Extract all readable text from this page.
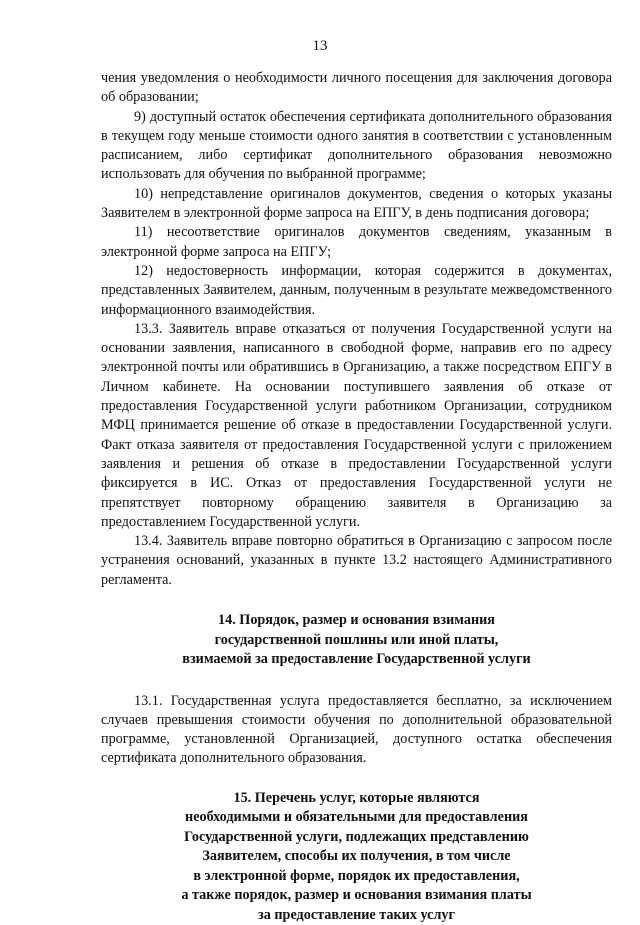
13

чения уведомления о необходимости личного посещения для заключения договора об образовании;

9) доступный остаток обеспечения сертификата дополнительного образования в текущем году меньше стоимости одного занятия в соответствии с установленным расписанием, либо сертификат дополнительного образования невозможно использовать для обучения по выбранной программе;

10) непредставление оригиналов документов, сведения о которых указаны Заявителем в электронной форме запроса на ЕПГУ, в день подписания договора;

11) несоответствие оригиналов документов сведениям, указанным в электронной форме запроса на ЕПГУ;

12) недостоверность информации, которая содержится в документах, представленных Заявителем, данным, полученным в результате межведомственного информационного взаимодействия.

13.3. Заявитель вправе отказаться от получения Государственной услуги на основании заявления, написанного в свободной форме, направив его по адресу электронной почты или обратившись в Организацию, а также посредством ЕПГУ в Личном кабинете. На основании поступившего заявления об отказе от предоставления Государственной услуги работником Организации, сотрудником МФЦ принимается решение об отказе в предоставлении Государственной услуги. Факт отказа заявителя от предоставления Государственной услуги с приложением заявления и решения об отказе в предоставлении Государственной услуги фиксируется в ИС. Отказ от предоставления Государственной услуги не препятствует повторному обращению заявителя в Организацию за предоставлением Государственной услуги.

13.4. Заявитель вправе повторно обратиться в Организацию с запросом после устранения оснований, указанных в пункте 13.2 настоящего Административного регламента.

14. Порядок, размер и основания взимания
государственной пошлины или иной платы,
взимаемой за предоставление Государственной услуги

13.1. Государственная услуга предоставляется бесплатно, за исключением случаев превышения стоимости обучения по дополнительной образовательной программе, установленной Организацией, доступного остатка обеспечения сертификата дополнительного образования.

15. Перечень услуг, которые являются
необходимыми и обязательными для предоставления
Государственной услуги, подлежащих представлению
Заявителем, способы их получения, в том числе
в электронной форме, порядок их предоставления,
а также порядок, размер и основания взимания платы
за предоставление таких услуг
